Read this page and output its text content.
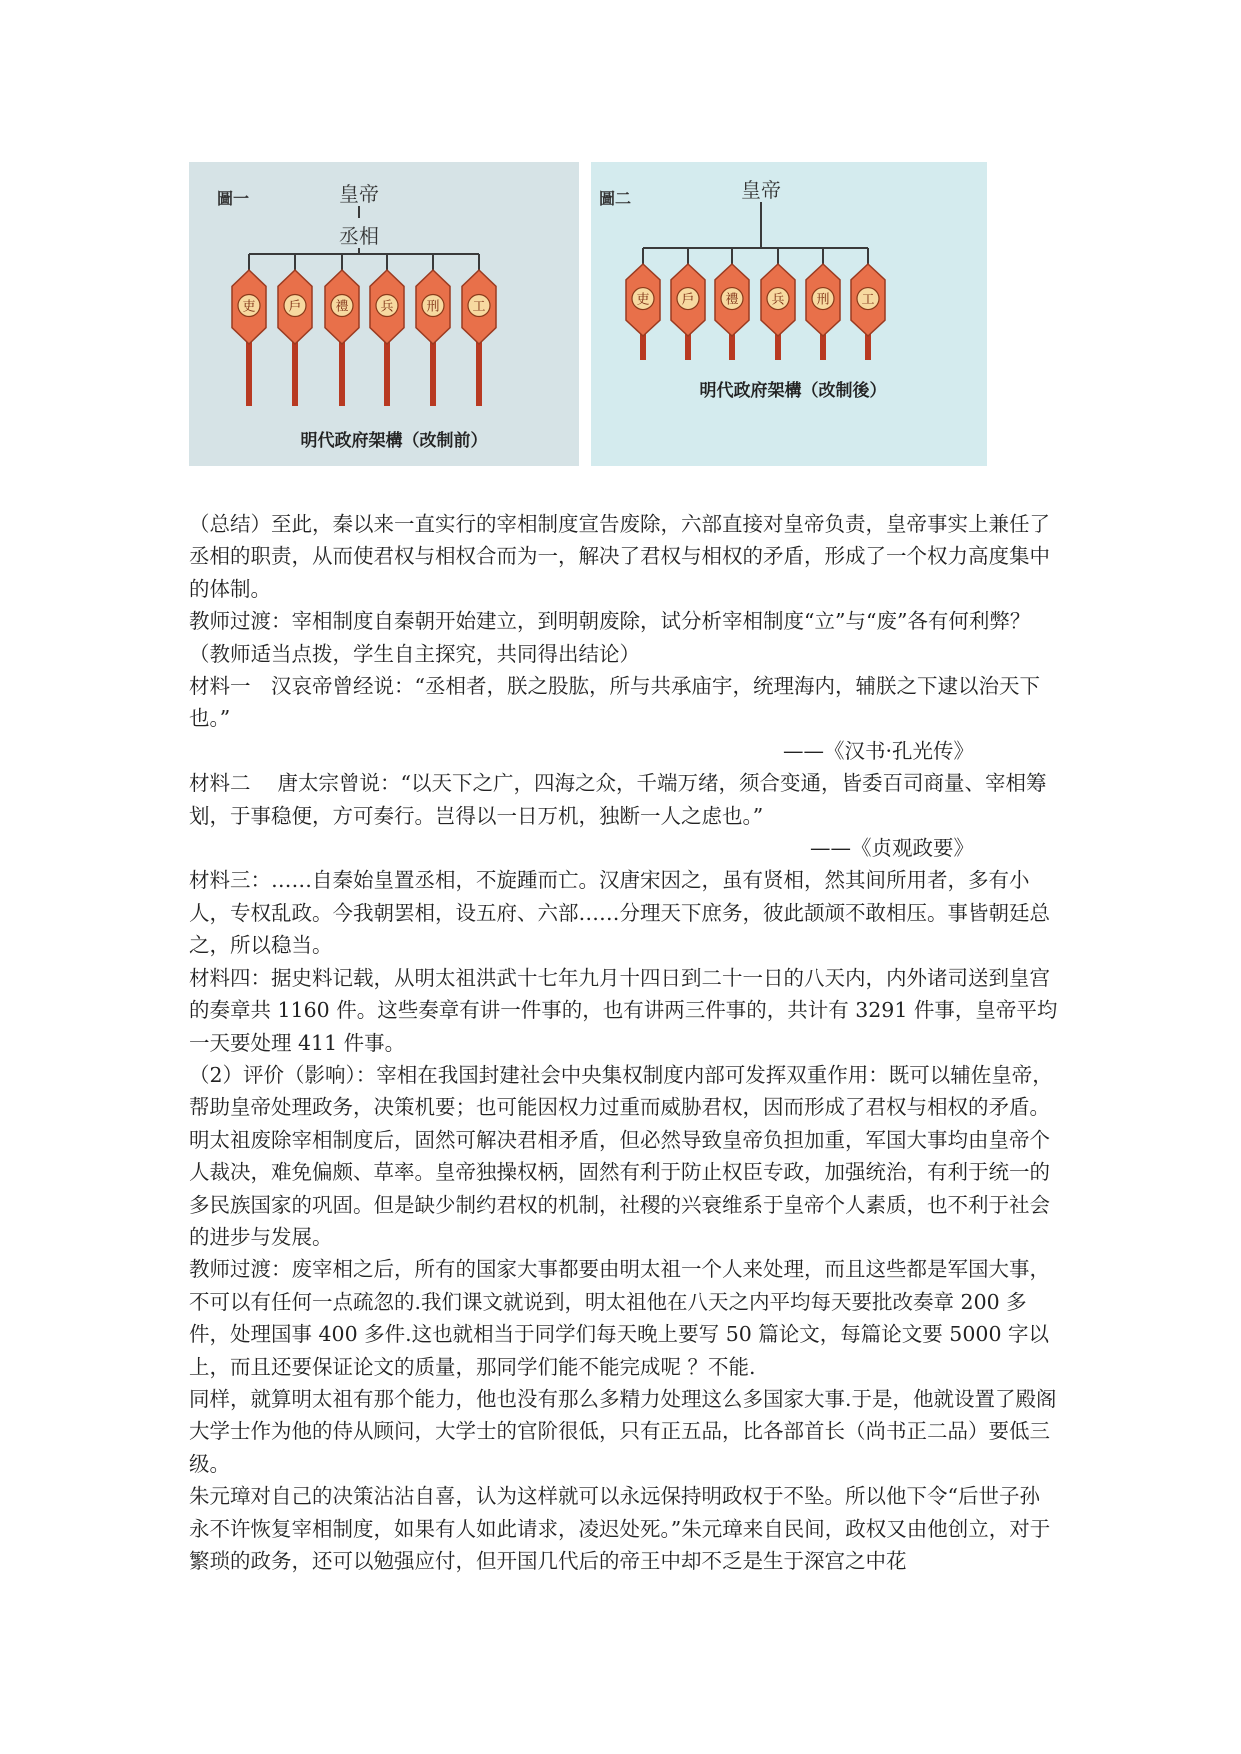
吏	戶	禮 兵	刑	工
圖一	皇帝
丞相
明代政府架構（改制前）
吏 戶 禮	兵 刑 工
圖二	皇帝
明代政府架構（改制後）

（总结）至此，秦以来一直实行的宰相制度宣告废除，六部直接对皇帝负责，皇帝事实上兼任了丞相的职责，从而使君权与相权合而为一，解决了君权与相权的矛盾，形成了一个权力高度集中的体制。

教师过渡：宰相制度自秦朝开始建立，到明朝废除，试分析宰相制度“立”与“废”各有何利弊？（教师适当点拨，学生自主探究，共同得出结论）

材料一　汉哀帝曾经说：“丞相者，朕之股肱，所与共承庙宇，统理海内，辅朕之下逮以治天下也。”

——《汉书·孔光传》

材料二　 唐太宗曾说：“以天下之广，四海之众，千端万绪，须合变通，皆委百司商量、宰相筹划，于事稳便，方可奏行。岂得以一日万机，独断一人之虑也。”

——《贞观政要》

材料三：……自秦始皇置丞相，不旋踵而亡。汉唐宋因之，虽有贤相，然其间所用者，多有小人，专权乱政。今我朝罢相，设五府、六部……分理天下庶务，彼此颉颃不敢相压。事皆朝廷总之，所以稳当。

材料四：据史料记载，从明太祖洪武十七年九月十四日到二十一日的八天内，内外诸司送到皇宫的奏章共 1160 件。这些奏章有讲一件事的，也有讲两三件事的，共计有 3291 件事，皇帝平均一天要处理 411 件事。

（2）评价（影响）：宰相在我国封建社会中央集权制度内部可发挥双重作用：既可以辅佐皇帝，帮助皇帝处理政务，决策机要；也可能因权力过重而威胁君权，因而形成了君权与相权的矛盾。明太祖废除宰相制度后，固然可解决君相矛盾，但必然导致皇帝负担加重，军国大事均由皇帝个人裁决，难免偏颇、草率。皇帝独操权柄，固然有利于防止权臣专政，加强统治，有利于统一的多民族国家的巩固。但是缺少制约君权的机制，社稷的兴衰维系于皇帝个人素质，也不利于社会的进步与发展。

教师过渡：废宰相之后，所有的国家大事都要由明太祖一个人来处理，而且这些都是军国大事，不可以有任何一点疏忽的.我们课文就说到，明太祖他在八天之内平均每天要批改奏章 200 多件，处理国事 400 多件.这也就相当于同学们每天晚上要写 50 篇论文，每篇论文要 5000 字以上，而且还要保证论文的质量，那同学们能不能完成呢 ？不能.

同样，就算明太祖有那个能力，他也没有那么多精力处理这么多国家大事.于是，他就设置了殿阁大学士作为他的侍从顾问，大学士的官阶很低，只有正五品，比各部首长（尚书正二品）要低三级。

朱元璋对自己的决策沾沾自喜，认为这样就可以永远保持明政权于不坠。所以他下令“后世子孙永不许恢复宰相制度，如果有人如此请求，凌迟处死。”朱元璋来自民间，政权又由他创立，对于繁琐的政务，还可以勉强应付，但开国几代后的帝王中却不乏是生于深宫之中花
